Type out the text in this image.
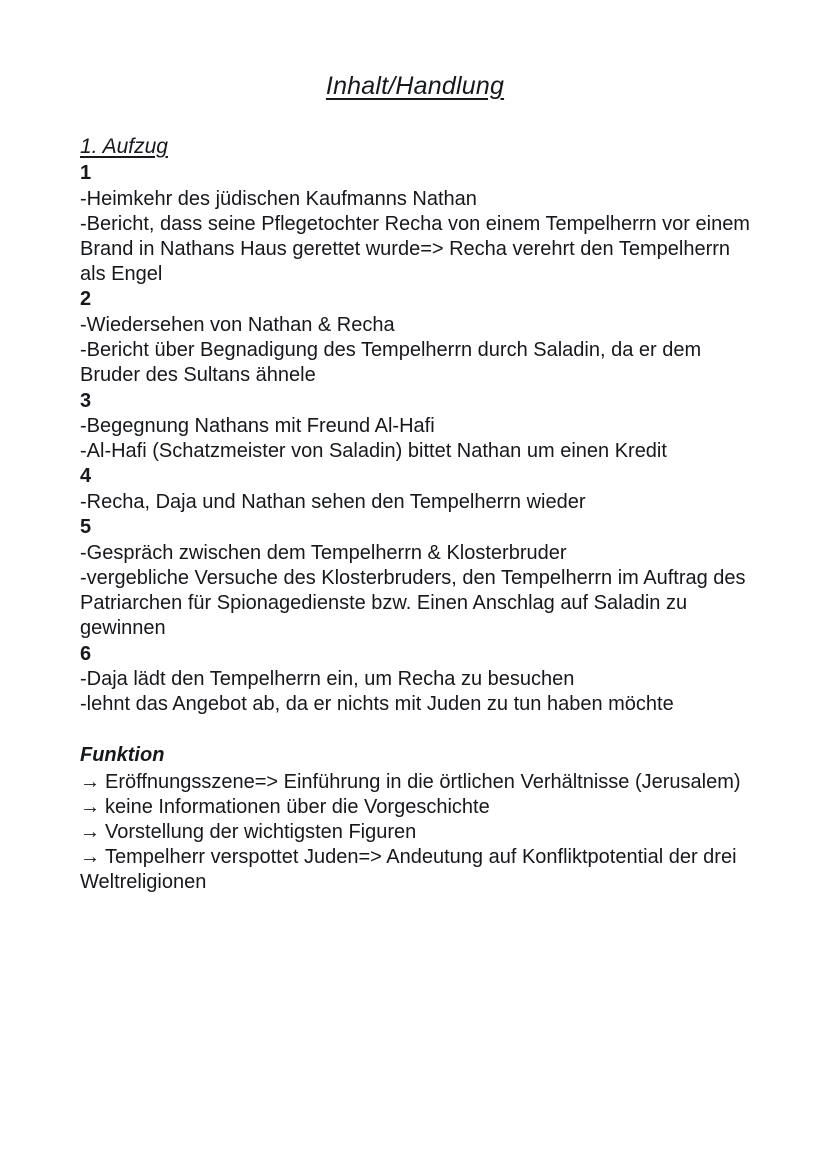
Inhalt/Handlung
1. Aufzug

1

-Heimkehr des jüdischen Kaufmanns Nathan

-Bericht, dass seine Pflegetochter Recha von einem Tempelherrn vor einem Brand in Nathans Haus gerettet wurde=> Recha verehrt den Tempelherrn als Engel

2

-Wiedersehen von Nathan & Recha

-Bericht über Begnadigung des Tempelherrn durch Saladin, da er dem Bruder des Sultans ähnele

3

-Begegnung Nathans mit Freund Al-Hafi

-Al-Hafi (Schatzmeister von Saladin) bittet Nathan um einen Kredit

4

-Recha, Daja und Nathan sehen den Tempelherrn wieder

5

-Gespräch zwischen dem Tempelherrn & Klosterbruder

-vergebliche Versuche des Klosterbruders, den Tempelherrn im Auftrag des Patriarchen für Spionagedienste bzw. Einen Anschlag auf Saladin zu gewinnen

6

-Daja lädt den Tempelherrn ein, um Recha zu besuchen

-lehnt das Angebot ab, da er nichts mit Juden zu tun haben möchte

Funktion

→ Eröffnungsszene=> Einführung in die örtlichen Verhältnisse (Jerusalem)

→ keine Informationen über die Vorgeschichte

→ Vorstellung der wichtigsten Figuren

→ Tempelherr verspottet Juden=> Andeutung auf Konfliktpotential der drei Weltreligionen
